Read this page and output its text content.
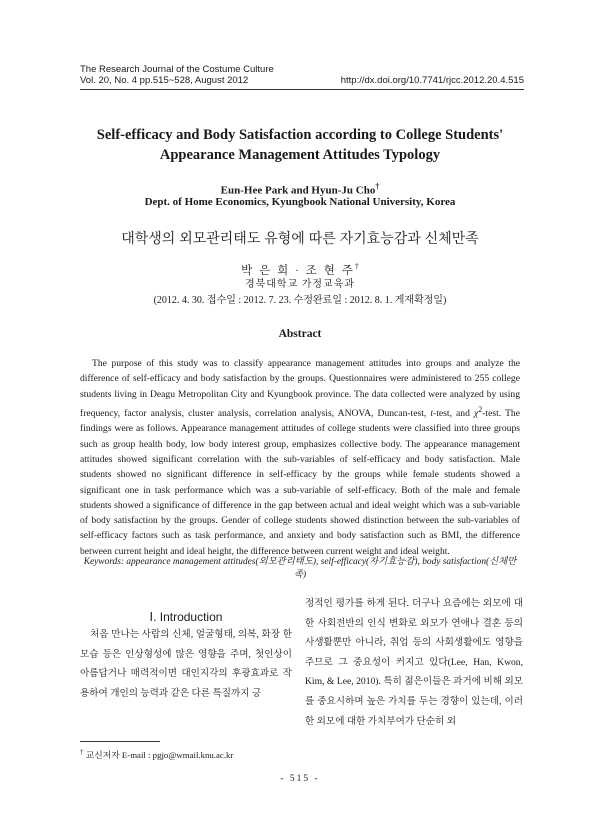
The Research Journal of the Costume Culture
Vol. 20, No. 4 pp.515~528, August 2012	http://dx.doi.org/10.7741/rjcc.2012.20.4.515
Self-efficacy and Body Satisfaction according to College Students'
Appearance Management Attitudes Typology
Eun-Hee Park and Hyun-Ju Cho†
Dept. of Home Economics, Kyungbook National University, Korea
대학생의 외모관리태도 유형에 따른 자기효능감과 신체만족
박 은 희 · 조 현 주†
경북대학교 가정교육과
(2012. 4. 30. 접수일 : 2012. 7. 23. 수정완료일 : 2012. 8. 1. 게재확정일)
Abstract

The purpose of this study was to classify appearance management attitudes into groups and analyze the difference of self-efficacy and body satisfaction by the groups. Questionnaires were administered to 255 college students living in Deagu Metropolitan City and Kyungbook province. The data collected were analyzed by using frequency, factor analysis, cluster analysis, correlation analysis, ANOVA, Duncan-test, t-test, and $\chi^2$-test. The findings were as follows. Appearance management attitudes of college students were classified into three groups such as group health body, low body interest group, emphasizes collective body. The appearance management attitudes showed significant correlation with the sub-variables of self-efficacy and body satisfaction. Male students showed no significant difference in self-efficacy by the groups while female students showed a significant one in task performance which was a sub-variable of self-efficacy. Both of the male and female students showed a significance of difference in the gap between actual and ideal weight which was a sub-variable of body satisfaction by the groups. Gender of college students showed distinction between the sub-variables of self-efficacy factors such as task performance, and anxiety and body satisfaction such as BMI, the difference between current height and ideal height, the difference between current weight and ideal weight.

Keywords: appearance management attitudes(외모관리태도), self-efficacy(자기효능감), body satisfaction(신체만족)
Ⅰ. Introduction

처음 만나는 사람의 신체, 얼굴형태, 의복, 화장 한 모습 등은 인상형성에 많은 영향을 주며, 첫인상이 아름답거나 매력적이면 대인지각의 후광효과로 작용하여 개인의 능력과 같은 다른 특질까지 긍

정적인 평가를 하게 된다. 더구나 요즘에는 외모에 대한 사회전반의 인식 변화로 외모가 연애나 결혼 등의 사생활뿐만 아니라, 취업 등의 사회생활에도 영향을 주므로 그 중요성이 커지고 있다(Lee, Han, Kwon, Kim, & Lee, 2010). 특히 젊은이들은 과거에 비해 외모를 중요시하며 높은 가치를 두는 경향이 있는데, 이러한 외모에 대한 가치부여가 단순히 외

† 교신저자 E-mail : pgjo@wmail.knu.ac.kr
- 515 -
